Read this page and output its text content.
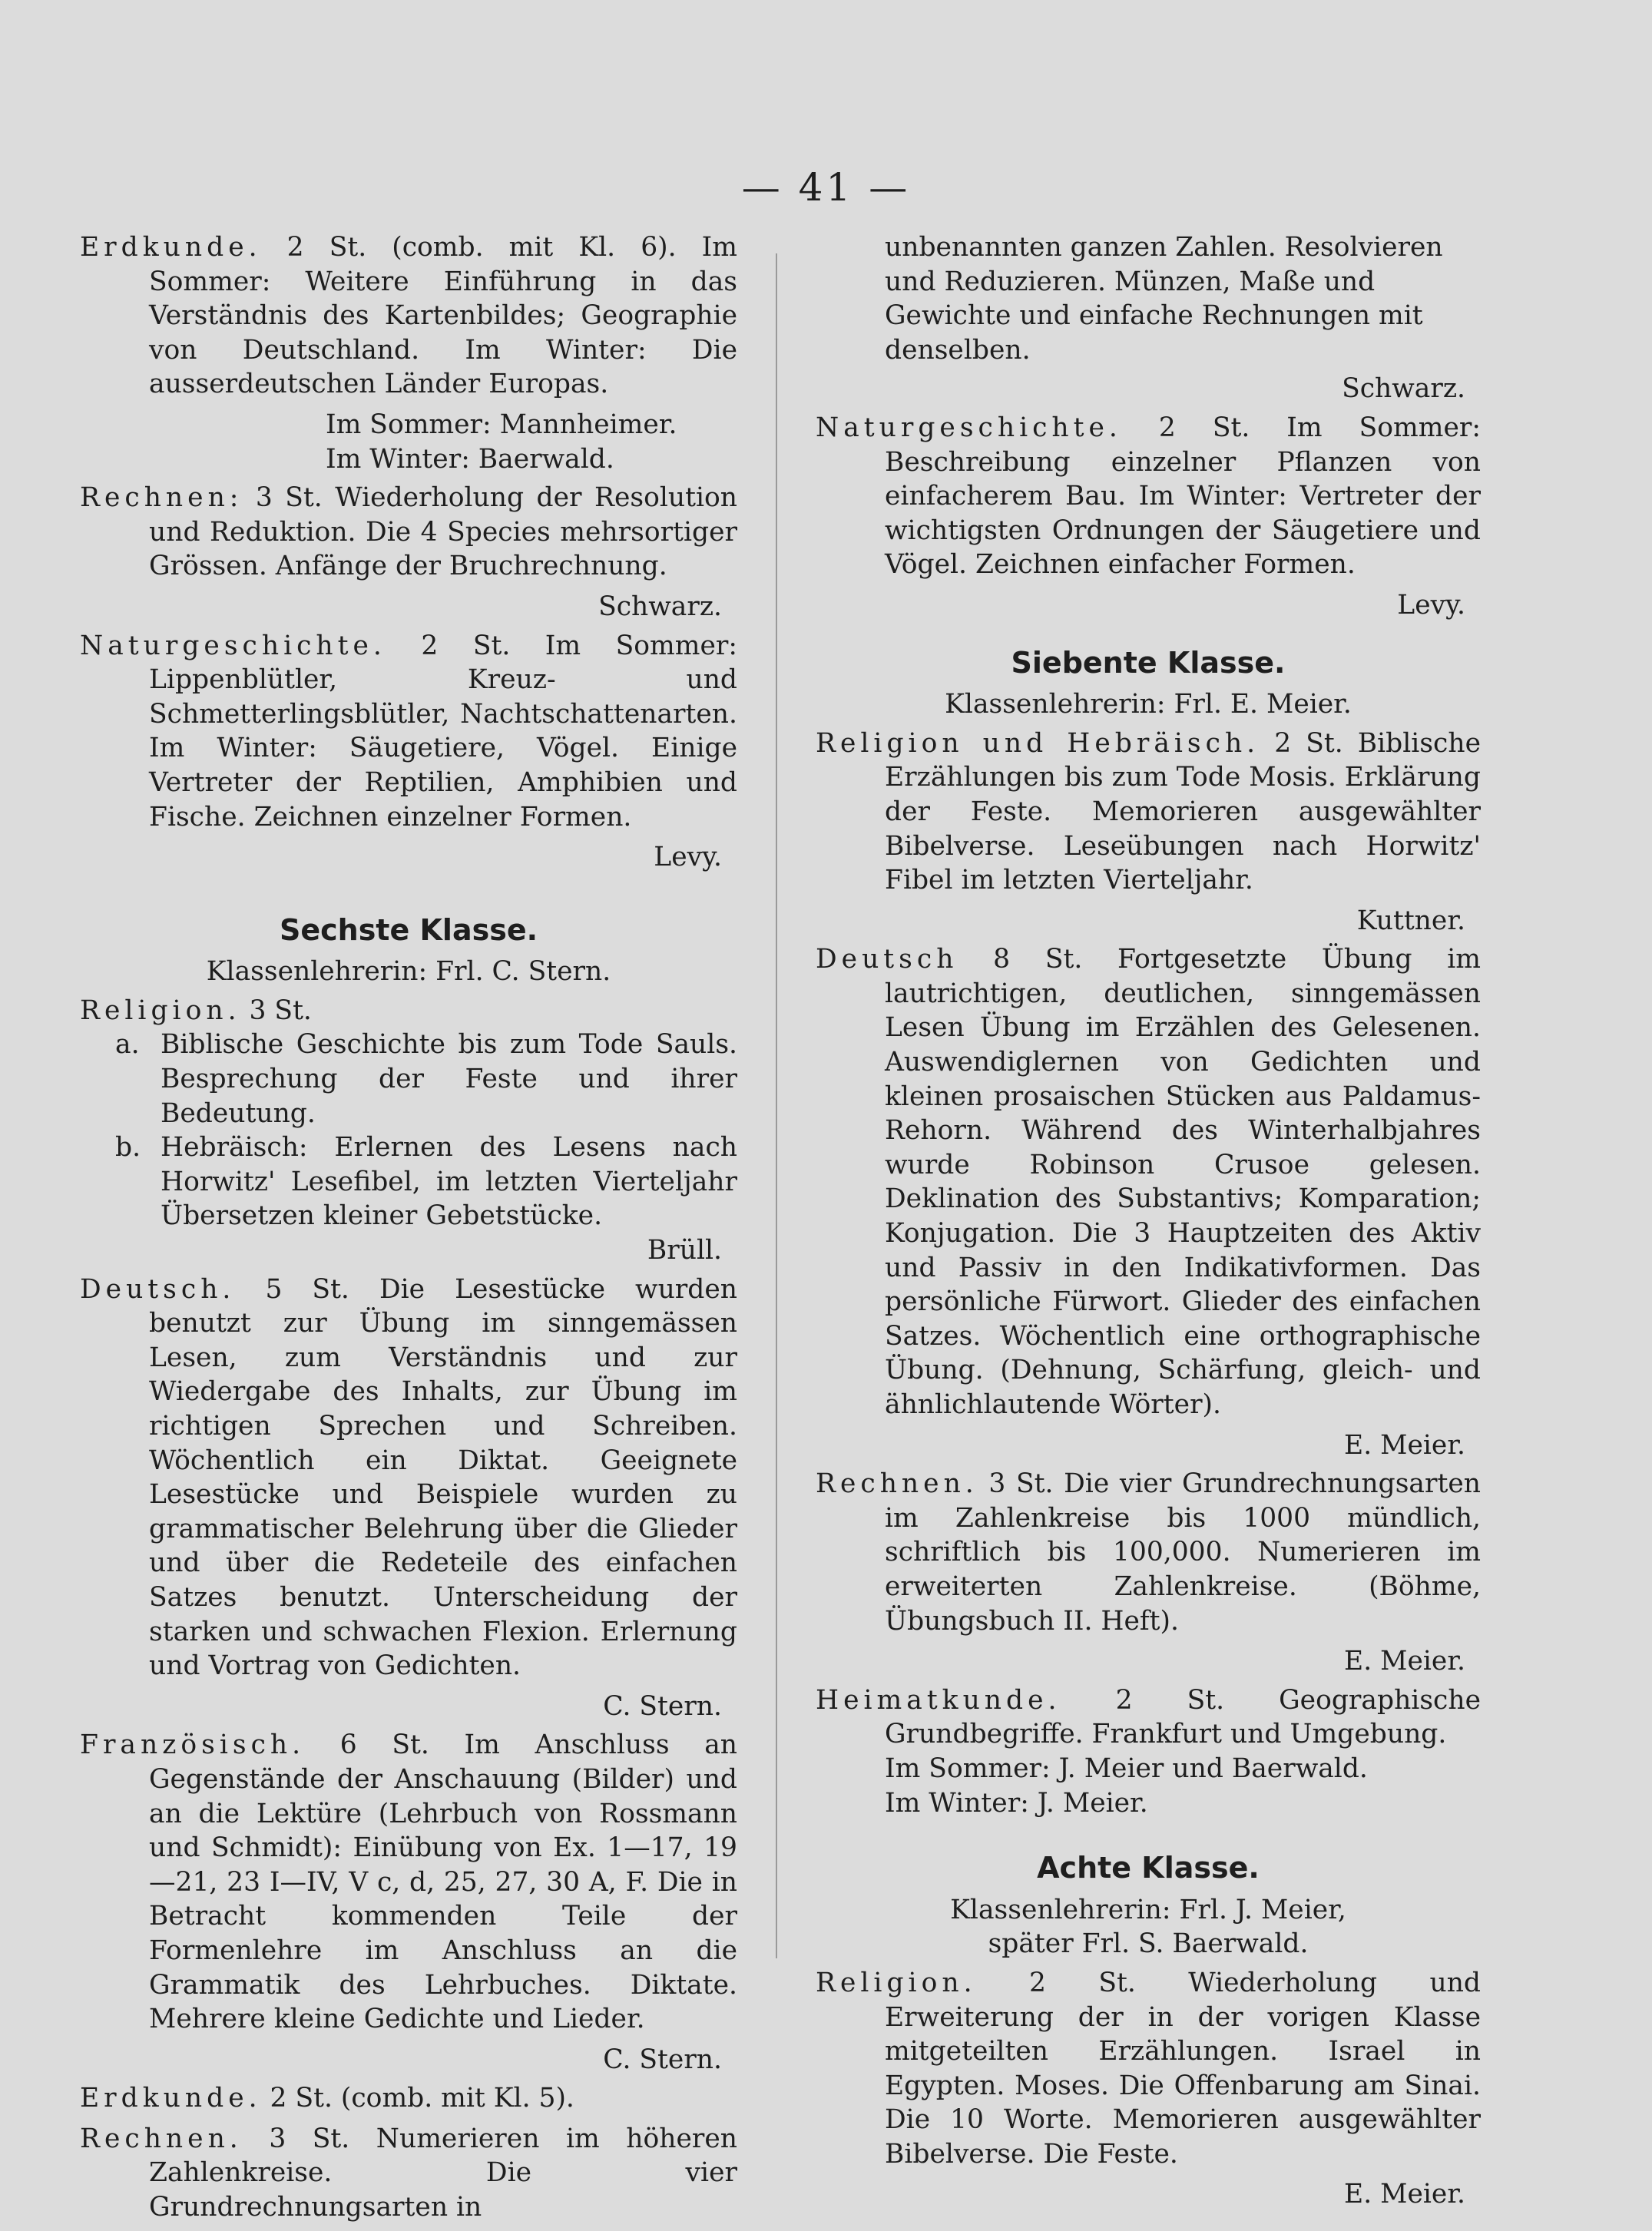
— 41 —

Erdkunde. 2 St. (comb. mit Kl. 6). Im Sommer: Weitere Einführung in das Verständnis des Kartenbildes; Geographie von Deutschland. Im Winter: Die ausserdeutschen Länder Europas.

Im Sommer: Mannheimer.

Im Winter: Baerwald.

Rechnen: 3 St. Wiederholung der Resolution und Reduktion. Die 4 Species mehrsortiger Grössen. Anfänge der Bruchrechnung.

Schwarz.

Naturgeschichte. 2 St. Im Sommer: Lippenblütler, Kreuz- und Schmetterlingsblütler, Nachtschattenarten. Im Winter: Säugetiere, Vögel. Einige Vertreter der Reptilien, Amphibien und Fische. Zeichnen einzelner Formen.

Levy.

Sechste Klasse.

Klassenlehrerin: Frl. C. Stern.

Religion. 3 St.

a. Biblische Geschichte bis zum Tode Sauls. Besprechung der Feste und ihrer Bedeutung.
b. Hebräisch: Erlernen des Lesens nach Horwitz' Lesefibel, im letzten Vierteljahr Übersetzen kleiner Gebetstücke.

Brüll.

Deutsch. 5 St. Die Lesestücke wurden benutzt zur Übung im sinngemässen Lesen, zum Verständnis und zur Wiedergabe des Inhalts, zur Übung im richtigen Sprechen und Schreiben. Wöchentlich ein Diktat. Geeignete Lesestücke und Beispiele wurden zu grammatischer Belehrung über die Glieder und über die Redeteile des einfachen Satzes benutzt. Unterscheidung der starken und schwachen Flexion. Erlernung und Vortrag von Gedichten.

C. Stern.

Französisch. 6 St. Im Anschluss an Gegenstände der Anschauung (Bilder) und an die Lektüre (Lehrbuch von Rossmann und Schmidt): Einübung von Ex. 1—17, 19—21, 23 I—IV, V c, d, 25, 27, 30 A, F. Die in Betracht kommenden Teile der Formenlehre im Anschluss an die Grammatik des Lehrbuches. Diktate. Mehrere kleine Gedichte und Lieder.

C. Stern.

Erdkunde. 2 St. (comb. mit Kl. 5).

Rechnen. 3 St. Numerieren im höheren Zahlenkreise. Die vier Grundrechnungsarten in

unbenannten ganzen Zahlen. Resolvieren und Reduzieren. Münzen, Maße und Gewichte und einfache Rechnungen mit denselben.

Schwarz.

Naturgeschichte. 2 St. Im Sommer: Beschreibung einzelner Pflanzen von einfacherem Bau. Im Winter: Vertreter der wichtigsten Ordnungen der Säugetiere und Vögel. Zeichnen einfacher Formen.

Levy.

Siebente Klasse.

Klassenlehrerin: Frl. E. Meier.

Religion und Hebräisch. 2 St. Biblische Erzählungen bis zum Tode Mosis. Erklärung der Feste. Memorieren ausgewählter Bibelverse. Leseübungen nach Horwitz' Fibel im letzten Vierteljahr.

Kuttner.

Deutsch 8 St. Fortgesetzte Übung im lautrichtigen, deutlichen, sinngemässen Lesen Übung im Erzählen des Gelesenen. Auswendiglernen von Gedichten und kleinen prosaischen Stücken aus Paldamus-Rehorn. Während des Winterhalbjahres wurde Robinson Crusoe gelesen. Deklination des Substantivs; Komparation; Konjugation. Die 3 Hauptzeiten des Aktiv und Passiv in den Indikativformen. Das persönliche Fürwort. Glieder des einfachen Satzes. Wöchentlich eine orthographische Übung. (Dehnung, Schärfung, gleich- und ähnlichlautende Wörter).

E. Meier.

Rechnen. 3 St. Die vier Grundrechnungsarten im Zahlenkreise bis 1000 mündlich, schriftlich bis 100,000. Numerieren im erweiterten Zahlenkreise. (Böhme, Übungsbuch II. Heft).

E. Meier.

Heimatkunde. 2 St. Geographische Grundbegriffe. Frankfurt und Umgebung.

Im Sommer: J. Meier und Baerwald.

Im Winter: J. Meier.

Achte Klasse.

Klassenlehrerin: Frl. J. Meier,

später Frl. S. Baerwald.

Religion. 2 St. Wiederholung und Erweiterung der in der vorigen Klasse mitgeteilten Erzählungen. Israel in Egypten. Moses. Die Offenbarung am Sinai. Die 10 Worte. Memorieren ausgewählter Bibelverse. Die Feste.

E. Meier.
